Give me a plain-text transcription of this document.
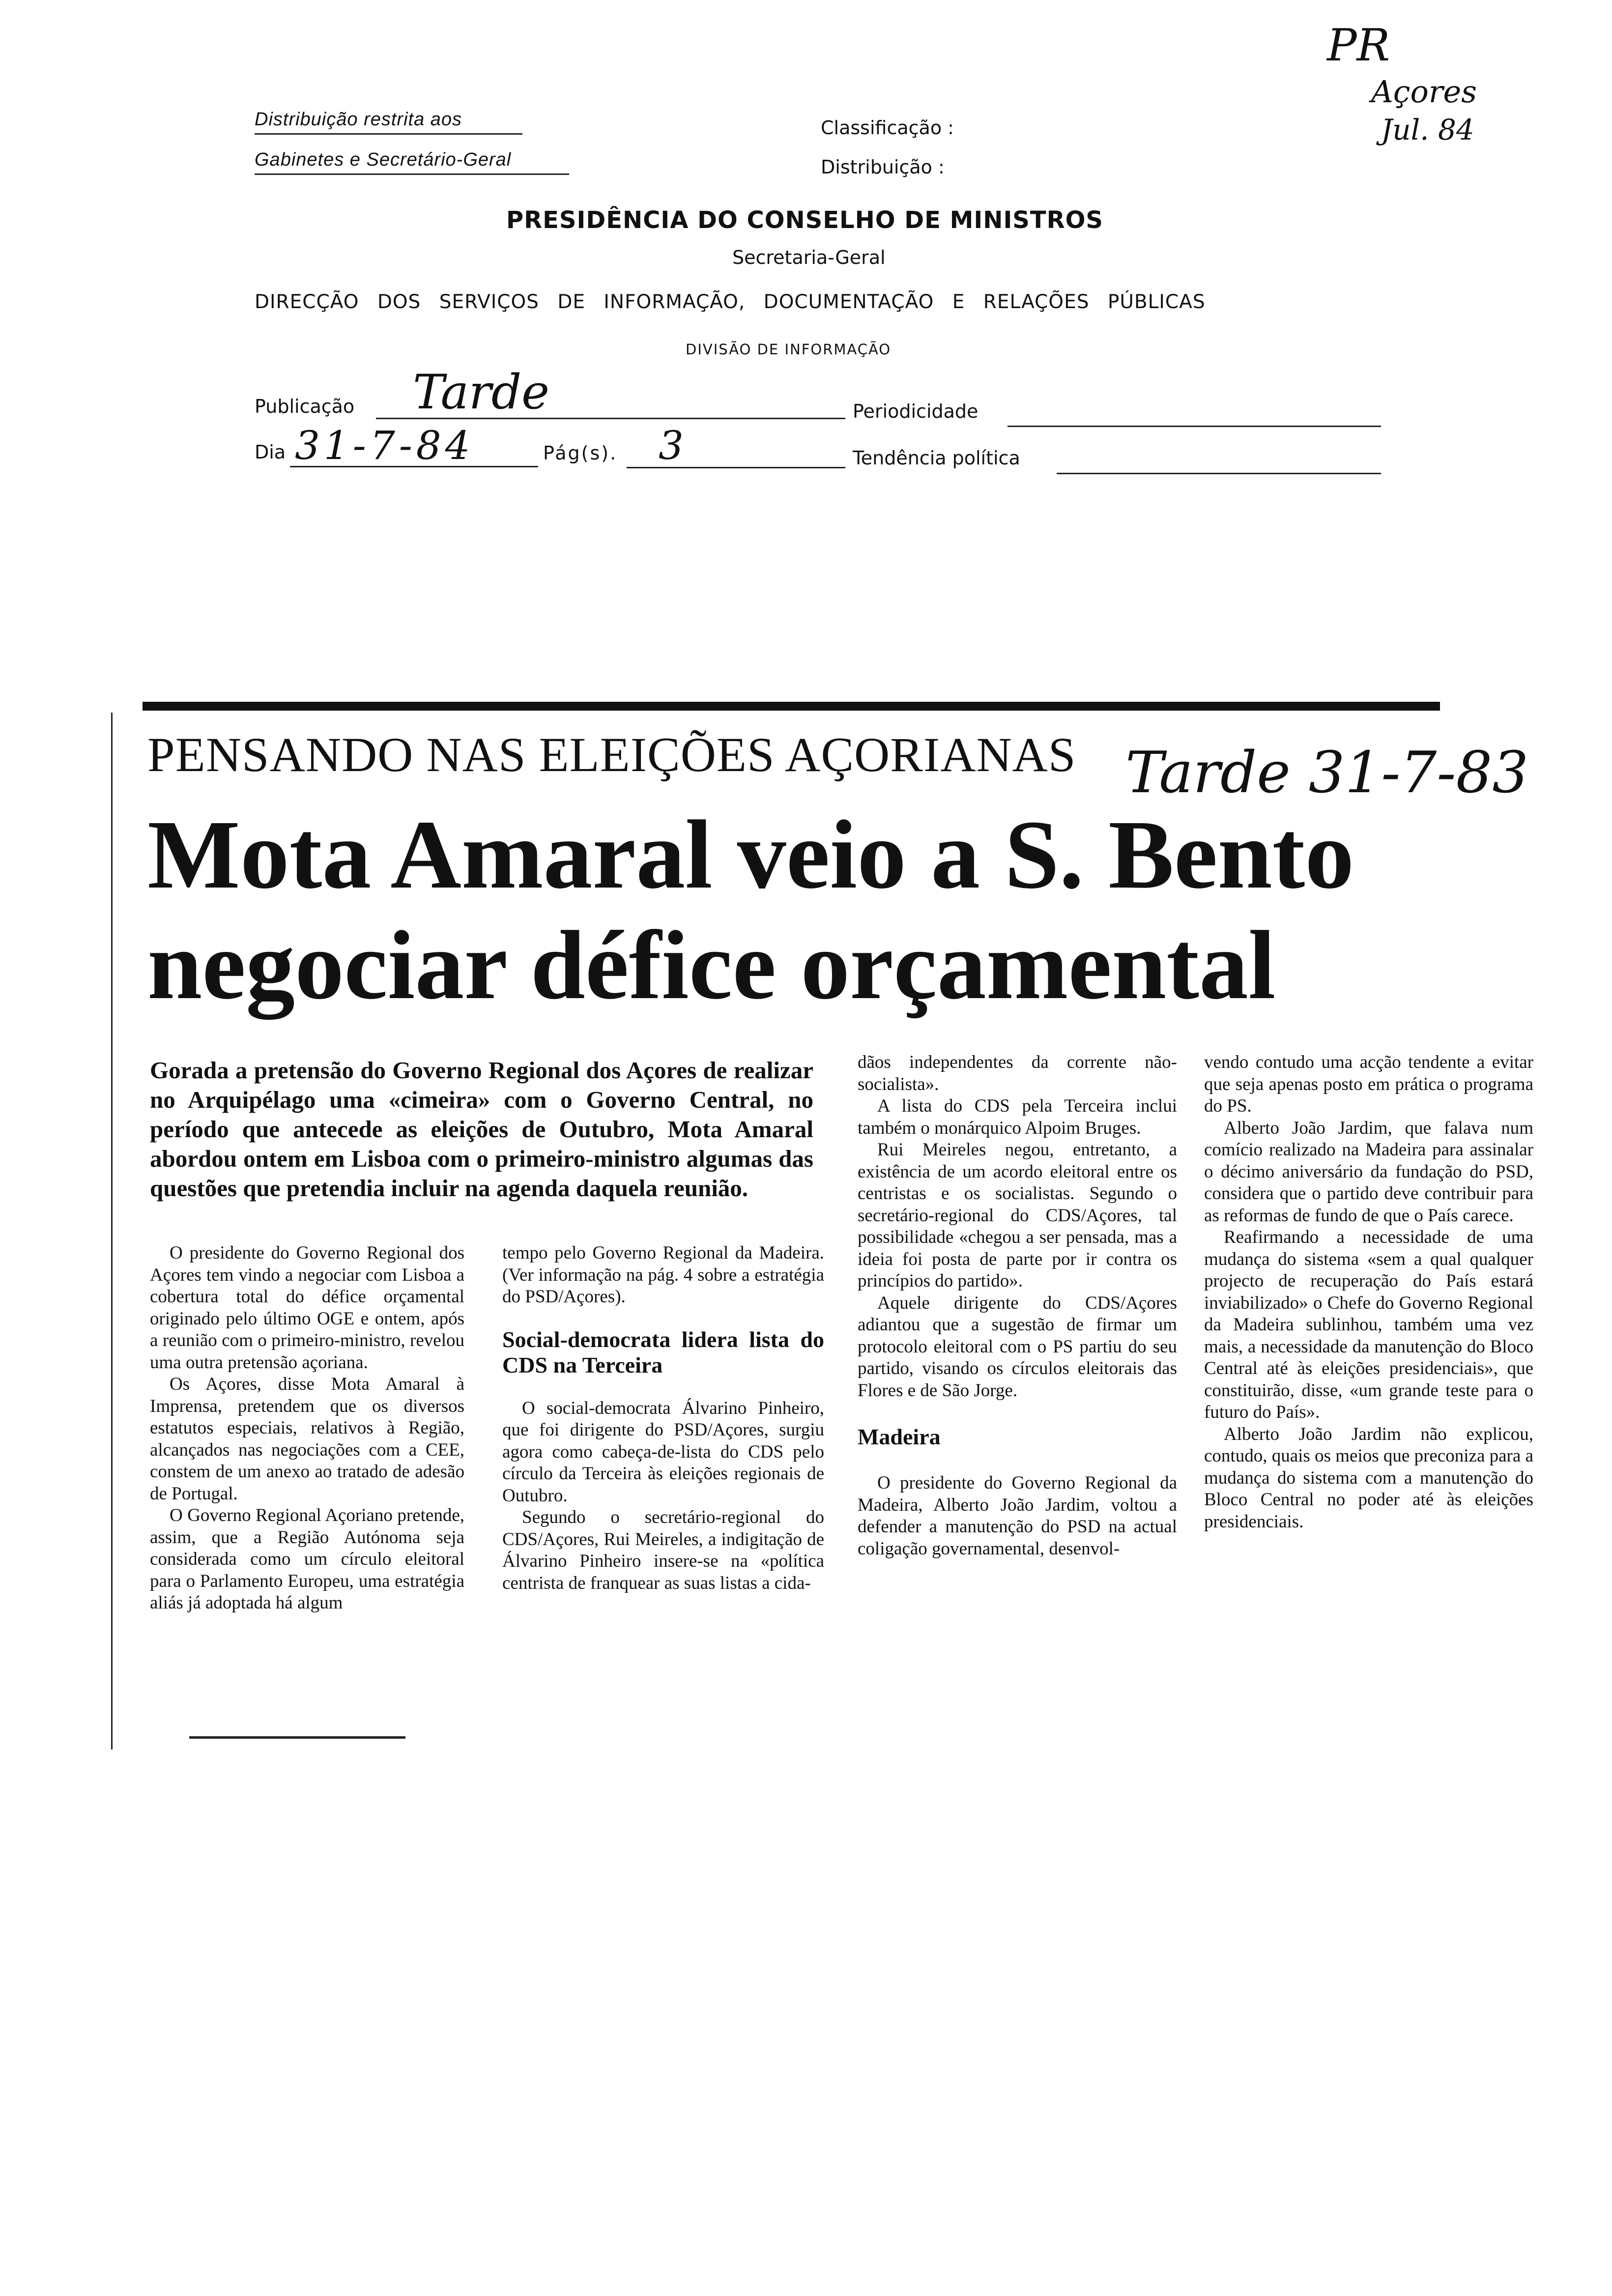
PR
Açores
Jul. 84
Distribuição restrita aos
Gabinetes e Secretário-Geral
Classificação :
Distribuição :
PRESIDÊNCIA DO CONSELHO DE MINISTROS
Secretaria-Geral
DIRECÇÃO DOS SERVIÇOS DE INFORMAÇÃO, DOCUMENTAÇÃO E RELAÇÕES PÚBLICAS
DIVISÃO DE INFORMAÇÃO
Publicação Tarde	Periodicidade
Dia 31-7-84	Pág(s). 3	Tendência política
PENSANDO NAS ELEIÇÕES AÇORIANAS Tarde 31-7-83
Mota Amaral veio a S. Bento
negociar défice orçamental
Gorada a pretensão do Governo Regional dos Açores de realizar no Arquipélago uma «cimeira» com o Governo Central, no período que antecede as eleições de Outubro, Mota Amaral abordou ontem em Lisboa com o primeiro-ministro algumas das questões que pretendia incluir na agenda daquela reunião.

O presidente do Governo Regional dos Açores tem vindo a negociar com Lisboa a cobertura total do défice orçamental originado pelo último OGE e ontem, após a reunião com o primeiro-ministro, revelou uma outra pretensão açoriana.

Os Açores, disse Mota Amaral à Imprensa, pretendem que os diversos estatutos especiais, relativos à Região, alcançados nas negociações com a CEE, constem de um anexo ao tratado de adesão de Portugal.

O Governo Regional Açoriano pretende, assim, que a Região Autónoma seja considerada como um círculo eleitoral para o Parlamento Europeu, uma estratégia aliás já adoptada há algum

tempo pelo Governo Regional da Madeira. (Ver informação na pág. 4 sobre a estratégia do PSD/Açores).

Social-democrata lidera lista do CDS na Terceira

O social-democrata Álvarino Pinheiro, que foi dirigente do PSD/Açores, surgiu agora como cabeça-de-lista do CDS pelo círculo da Terceira às eleições regionais de Outubro.

Segundo o secretário-regional do CDS/Açores, Rui Meireles, a indigitação de Álvarino Pinheiro insere-se na «política centrista de franquear as suas listas a cida-

dãos independentes da corrente não-socialista».

A lista do CDS pela Terceira inclui também o monárquico Alpoim Bruges.

Rui Meireles negou, entretanto, a existência de um acordo eleitoral entre os centristas e os socialistas. Segundo o secretário-regional do CDS/Açores, tal possibilidade «chegou a ser pensada, mas a ideia foi posta de parte por ir contra os princípios do partido».

Aquele dirigente do CDS/Açores adiantou que a sugestão de firmar um protocolo eleitoral com o PS partiu do seu partido, visando os círculos eleitorais das Flores e de São Jorge.

Madeira

O presidente do Governo Regional da Madeira, Alberto João Jardim, voltou a defender a manutenção do PSD na actual coligação governamental, desenvol-

vendo contudo uma acção tendente a evitar que seja apenas posto em prática o programa do PS.

Alberto João Jardim, que falava num comício realizado na Madeira para assinalar o décimo aniversário da fundação do PSD, considera que o partido deve contribuir para as reformas de fundo de que o País carece.

Reafirmando a necessidade de uma mudança do sistema «sem a qual qualquer projecto de recuperação do País estará inviabilizado» o Chefe do Governo Regional da Madeira sublinhou, também uma vez mais, a necessidade da manutenção do Bloco Central até às eleições presidenciais», que constituirão, disse, «um grande teste para o futuro do País».

Alberto João Jardim não explicou, contudo, quais os meios que preconiza para a mudança do sistema com a manutenção do Bloco Central no poder até às eleições presidenciais.
